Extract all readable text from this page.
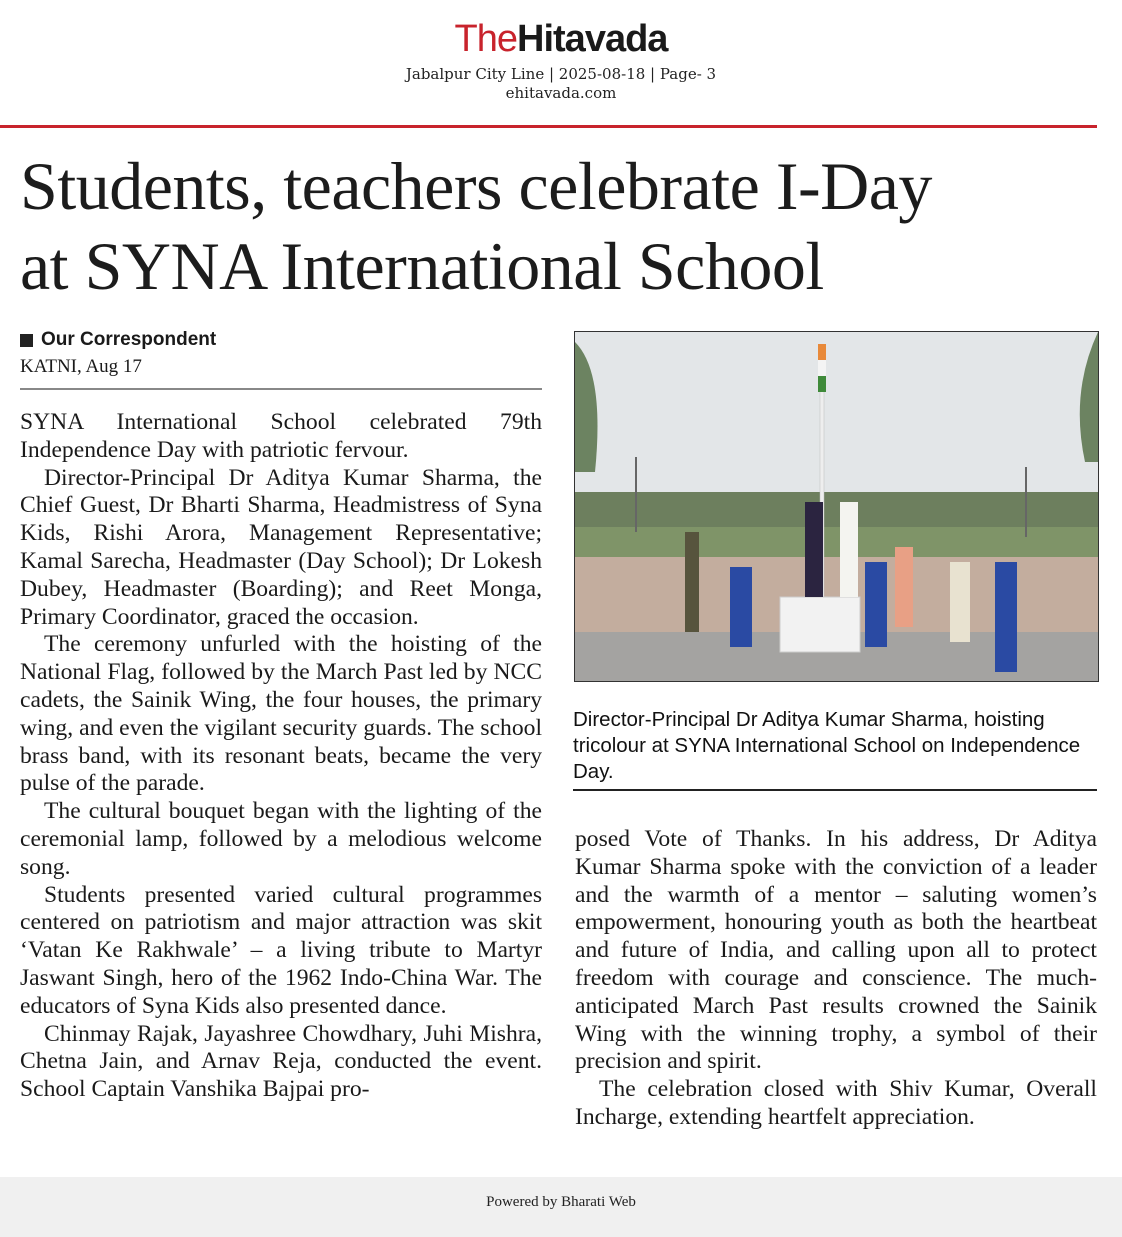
TheHitavada
Jabalpur City Line | 2025-08-18 | Page- 3
ehitavada.com
Students, teachers celebrate I-Day
at SYNA International School
Our Correspondent
KATNI, Aug 17

SYNA International School celebrated 79th Independence Day with patriotic fervour.

Director-Principal Dr Aditya Kumar Sharma, the Chief Guest, Dr Bharti Sharma, Headmistress of Syna Kids, Rishi Arora, Management Representative; Kamal Sarecha, Headmaster (Day School); Dr Lokesh Dubey, Headmaster (Boarding); and Reet Monga, Primary Coordinator, graced the occasion.

The ceremony unfurled with the hoisting of the National Flag, followed by the March Past led by NCC cadets, the Sainik Wing, the four houses, the primary wing, and even the vigilant security guards. The school brass band, with its resonant beats, became the very pulse of the parade.

The cultural bouquet began with the lighting of the ceremonial lamp, followed by a melodious welcome song.

Students presented varied cultural programmes centered on patriotism and major attraction was skit ‘Vatan Ke Rakhwale’ – a living tribute to Martyr Jaswant Singh, hero of the 1962 Indo-China War. The educators of Syna Kids also presented dance.

Chinmay Rajak, Jayashree Chowdhary, Juhi Mishra, Chetna Jain, and Arnav Reja, conducted the event. School Captain Vanshika Bajpai pro-

Director-Principal Dr Aditya Kumar Sharma, hoisting tricolour at SYNA International School on Independence Day.

posed Vote of Thanks. In his address, Dr Aditya Kumar Sharma spoke with the conviction of a leader and the warmth of a mentor – saluting women’s empowerment, honouring youth as both the heartbeat and future of India, and calling upon all to protect freedom with courage and conscience. The much-anticipated March Past results crowned the Sainik Wing with the winning trophy, a symbol of their precision and spirit.

The celebration closed with Shiv Kumar, Overall Incharge, extending heartfelt appreciation.

Powered by Bharati Web
